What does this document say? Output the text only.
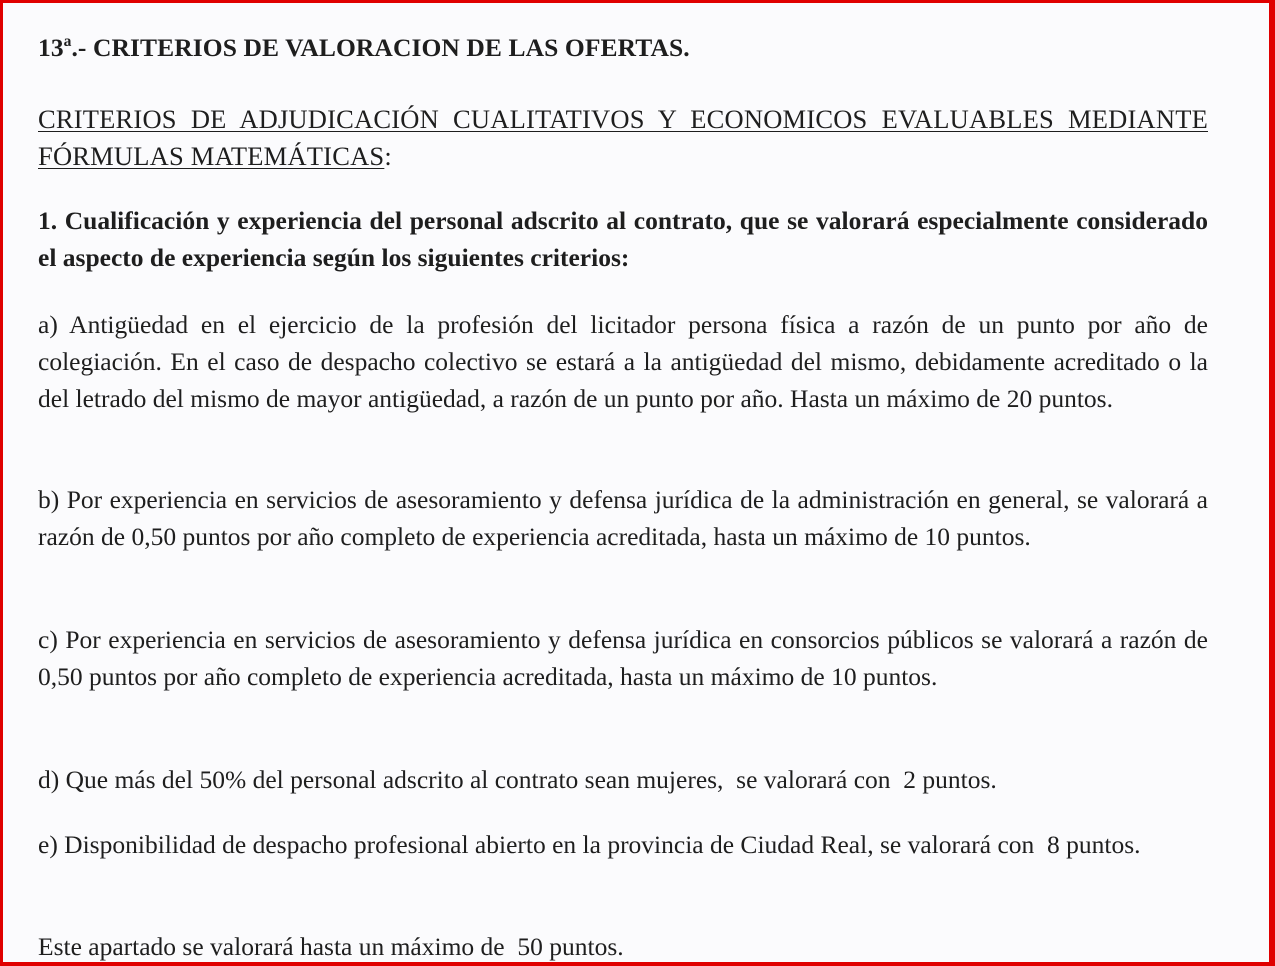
13ª.- CRITERIOS DE VALORACION DE LAS OFERTAS.

CRITERIOS DE ADJUDICACIÓN CUALITATIVOS Y ECONOMICOS EVALUABLES MEDIANTE FÓRMULAS MATEMÁTICAS:

1. Cualificación y experiencia del personal adscrito al contrato, que se valorará especialmente considerado el aspecto de experiencia según los siguientes criterios:

a) Antigüedad en el ejercicio de la profesión del licitador persona física a razón de un punto por año de colegiación. En el caso de despacho colectivo se estará a la antigüedad del mismo, debidamente acreditado o la del letrado del mismo de mayor antigüedad, a razón de un punto por año. Hasta un máximo de 20 puntos.

b) Por experiencia en servicios de asesoramiento y defensa jurídica de la administración en general, se valorará a razón de 0,50 puntos por año completo de experiencia acreditada, hasta un máximo de 10 puntos.

c) Por experiencia en servicios de asesoramiento y defensa jurídica en consorcios públicos se valorará a razón de 0,50 puntos por año completo de experiencia acreditada, hasta un máximo de 10 puntos.

d) Que más del 50% del personal adscrito al contrato sean mujeres,  se valorará con  2 puntos.

e) Disponibilidad de despacho profesional abierto en la provincia de Ciudad Real, se valorará con  8 puntos.

Este apartado se valorará hasta un máximo de  50 puntos.
